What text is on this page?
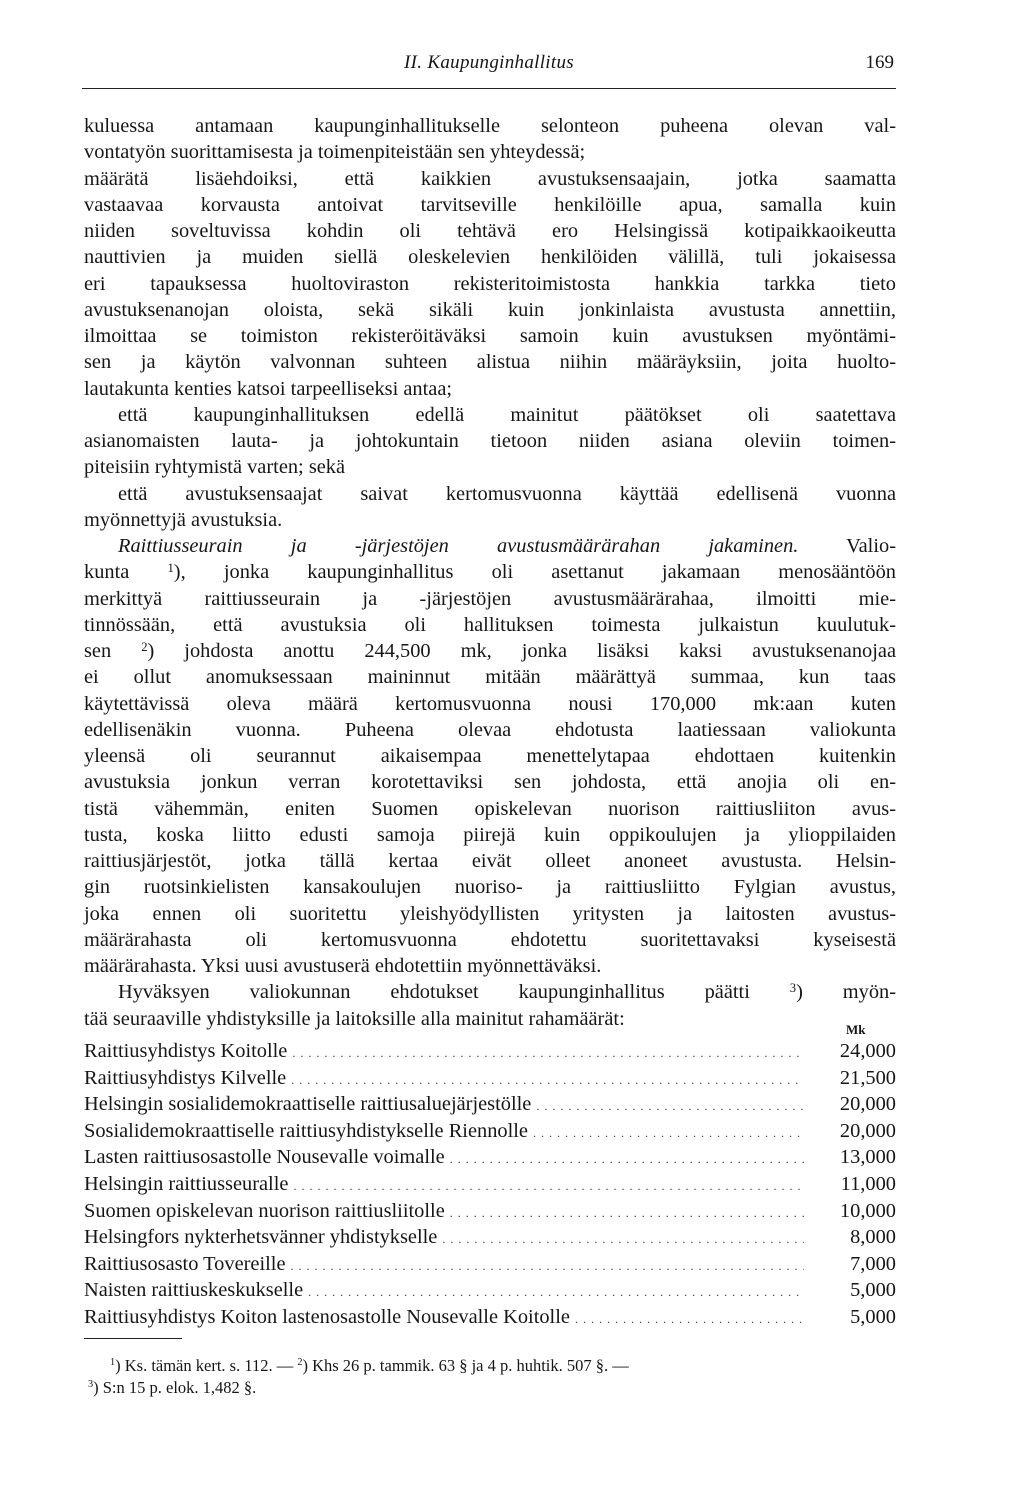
II. Kaupunginhallitus	169
kuluessa antamaan kaupunginhallitukselle selonteon puheena olevan val-
vontatyön suorittamisesta ja toimenpiteistään sen yhteydessä;
määrätä lisäehdoiksi, että kaikkien avustuksensaajain, jotka saamatta
vastaavaa korvausta antoivat tarvitseville henkilöille apua, samalla kuin
niiden soveltuvissa kohdin oli tehtävä ero Helsingissä kotipaikkaoikeutta
nauttivien ja muiden siellä oleskelevien henkilöiden välillä, tuli jokaisessa
eri tapauksessa huoltoviraston rekisteritoimistosta hankkia tarkka tieto
avustuksenanojan oloista, sekä sikäli kuin jonkinlaista avustusta annettiin,
ilmoittaa se toimiston rekisteröitäväksi samoin kuin avustuksen myöntämi-
sen ja käytön valvonnan suhteen alistua niihin määräyksiin, joita huolto-
lautakunta kenties katsoi tarpeelliseksi antaa;
että kaupunginhallituksen edellä mainitut päätökset oli saatettava
asianomaisten lauta- ja johtokuntain tietoon niiden asiana oleviin toimen-
piteisiin ryhtymistä varten; sekä
että avustuksensaajat saivat kertomusvuonna käyttää edellisenä vuonna
myönnettyjä avustuksia.
Raittiusseurain ja -järjestöjen avustusmäärärahan jakaminen. Valio-
kunta $^1$), jonka kaupunginhallitus oli asettanut jakamaan menosääntöön
merkittyä raittiusseurain ja -järjestöjen avustusmäärärahaa, ilmoitti mie-
tinnössään, että avustuksia oli hallituksen toimesta julkaistun kuulutuk-
sen $^2$) johdosta anottu 244,500 mk, jonka lisäksi kaksi avustuksenanojaa
ei ollut anomuksessaan maininnut mitään määrättyä summaa, kun taas
käytettävissä oleva määrä kertomusvuonna nousi 170,000 mk:aan kuten
edellisenäkin vuonna. Puheena olevaa ehdotusta laatiessaan valiokunta
yleensä oli seurannut aikaisempaa menettelytapaa ehdottaen kuitenkin
avustuksia jonkun verran korotettaviksi sen johdosta, että anojia oli en-
tistä vähemmän, eniten Suomen opiskelevan nuorison raittiusliiton avus-
tusta, koska liitto edusti samoja piirejä kuin oppikoulujen ja ylioppilaiden
raittiusjärjestöt, jotka tällä kertaa eivät olleet anoneet avustusta. Helsin-
gin ruotsinkielisten kansakoulujen nuoriso- ja raittiusliitto Fylgian avustus,
joka ennen oli suoritettu yleishyödyllisten yritysten ja laitosten avustus-
määrärahasta oli kertomusvuonna ehdotettu suoritettavaksi kyseisestä
määrärahasta. Yksi uusi avustuserä ehdotettiin myönnettäväksi.
Hyväksyen valiokunnan ehdotukset kaupunginhallitus päätti $^3$) myön-
tää seuraaville yhdistyksille ja laitoksille alla mainitut rahamäärät:	Mk
Raittiusyhdistys Koitolle . . .	24,000
Raittiusyhdistys Kilvelle . . .	21,500
Helsingin sosialidemokraattiselle raittiusaluejärjestölle . . .	20,000
Sosialidemokraattiselle raittiusyhdistykselle Riennolle . . .	20,000
Lasten raittiusosastolle Nousevalle voimalle . . .	13,000
Helsingin raittiusseuralle . . .	11,000
Suomen opiskelevan nuorison raittiusliitolle . . .	10,000
Helsingfors nykterhetsvänner yhdistykselle . . .	8,000
Raittiusosasto Tovereille . . .	7,000
Naisten raittiuskeskukselle . . .	5,000
Raittiusyhdistys Koiton lastenosastolle Nousevalle Koitolle . . .	5,000
$^1$) Ks. tämän kert. s. 112. — $^2$) Khs 26 p. tammik. 63 § ja 4 p. huhtik. 507 §. —
$^3$) S:n 15 p. elok. 1,482 §.
